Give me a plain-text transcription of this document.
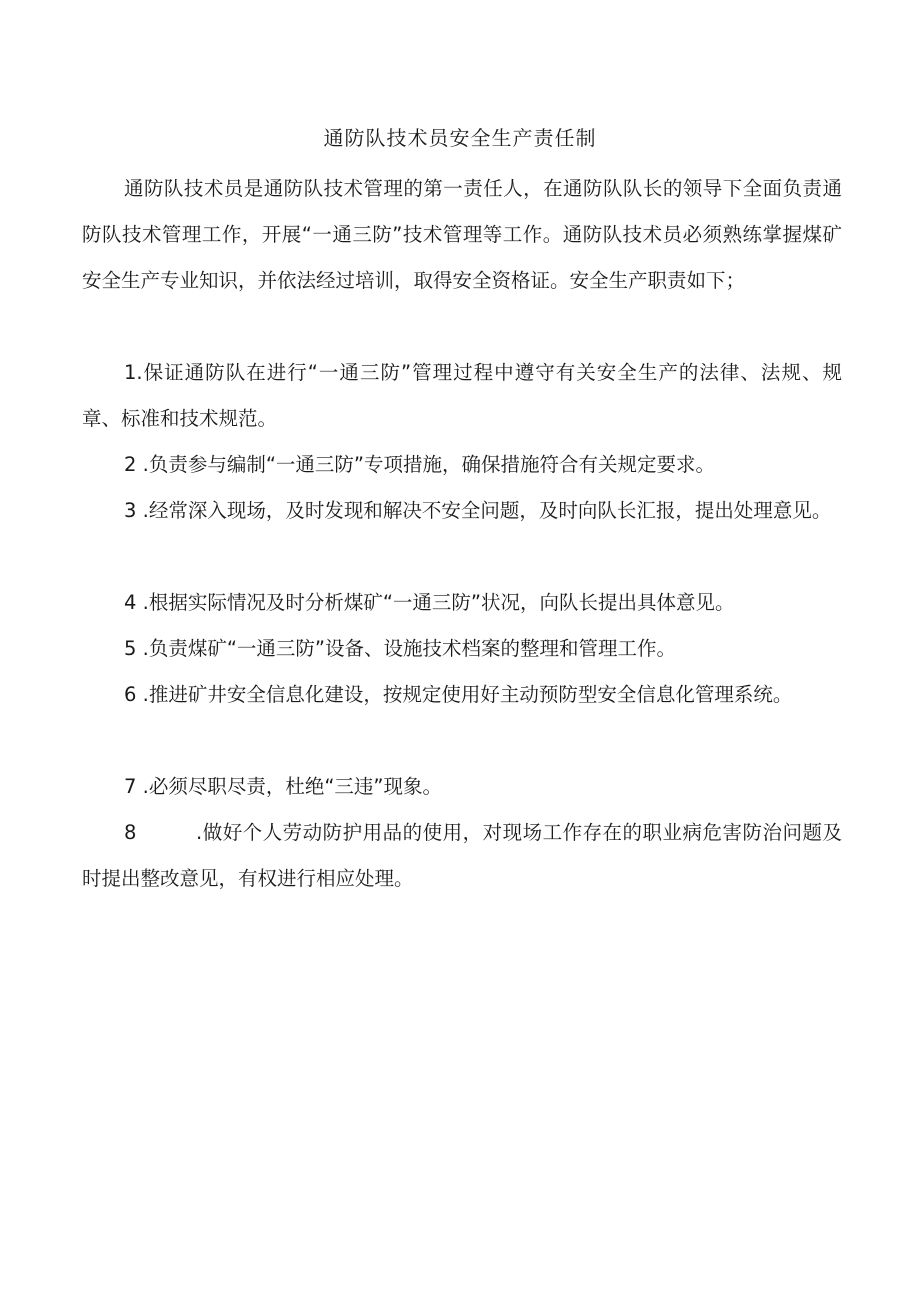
通防队技术员安全生产责任制

通防队技术员是通防队技术管理的第一责任人，在通防队队长的领导下全面负责通防队技术管理工作，开展“一通三防”技术管理等工作。通防队技术员必须熟练掌握煤矿安全生产专业知识，并依法经过培训，取得安全资格证。安全生产职责如下；

1.保证通防队在进行“一通三防”管理过程中遵守有关安全生产的法律、法规、规章、标准和技术规范。

2 .负责参与编制“一通三防”专项措施，确保措施符合有关规定要求。

3 .经常深入现场，及时发现和解决不安全问题，及时向队长汇报，提出处理意见。

4 .根据实际情况及时分析煤矿“一通三防”状况，向队长提出具体意见。

5 .负责煤矿“一通三防”设备、设施技术档案的整理和管理工作。

6 .推进矿井安全信息化建设，按规定使用好主动预防型安全信息化管理系统。

7 .必须尽职尽责，杜绝“三违”现象。

8	.做好个人劳动防护用品的使用，对现场工作存在的职业病危害防治问题及时提出整改意见，有权进行相应处理。
